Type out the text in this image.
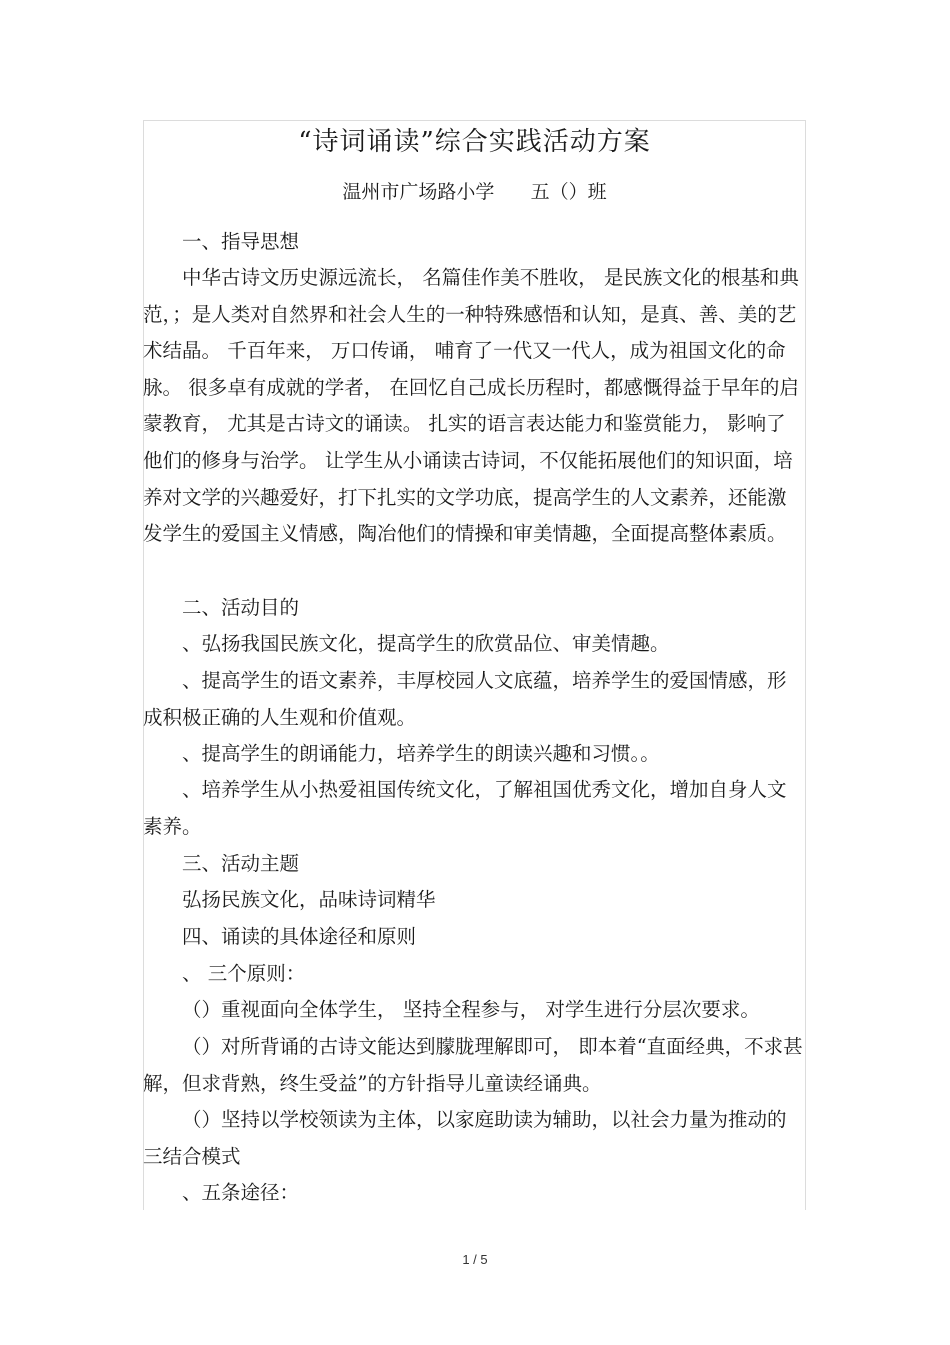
“诗词诵读”综合实践活动方案
温州市广场路小学      五（）班

一、指导思想

中华古诗文历史源远流长， 名篇佳作美不胜收， 是民族文化的根基和典范，；是人类对自然界和社会人生的一种特殊感悟和认知，是真、善、美的艺术结晶。 千百年来， 万口传诵， 哺育了一代又一代人，成为祖国文化的命脉。 很多卓有成就的学者， 在回忆自己成长历程时，都感慨得益于早年的启蒙教育， 尤其是古诗文的诵读。 扎实的语言表达能力和鉴赏能力， 影响了他们的修身与治学。 让学生从小诵读古诗词，不仅能拓展他们的知识面，培养对文学的兴趣爱好，打下扎实的文学功底，提高学生的人文素养，还能激发学生的爱国主义情感，陶冶他们的情操和审美情趣，全面提高整体素质。

二、活动目的

、弘扬我国民族文化，提高学生的欣赏品位、审美情趣。

、提高学生的语文素养，丰厚校园人文底蕴，培养学生的爱国情感，形成积极正确的人生观和价值观。

、提高学生的朗诵能力，培养学生的朗读兴趣和习惯。。

、培养学生从小热爱祖国传统文化，了解祖国优秀文化，增加自身人文素养。

三、活动主题

弘扬民族文化，品味诗词精华

四、诵读的具体途径和原则

、 三个原则：

（）重视面向全体学生， 坚持全程参与， 对学生进行分层次要求。

（）对所背诵的古诗文能达到朦胧理解即可， 即本着“直面经典，不求甚解，但求背熟，终生受益”的方针指导儿童读经诵典。

（）坚持以学校领读为主体，以家庭助读为辅助，以社会力量为推动的三结合模式

、五条途径：

1 / 5
